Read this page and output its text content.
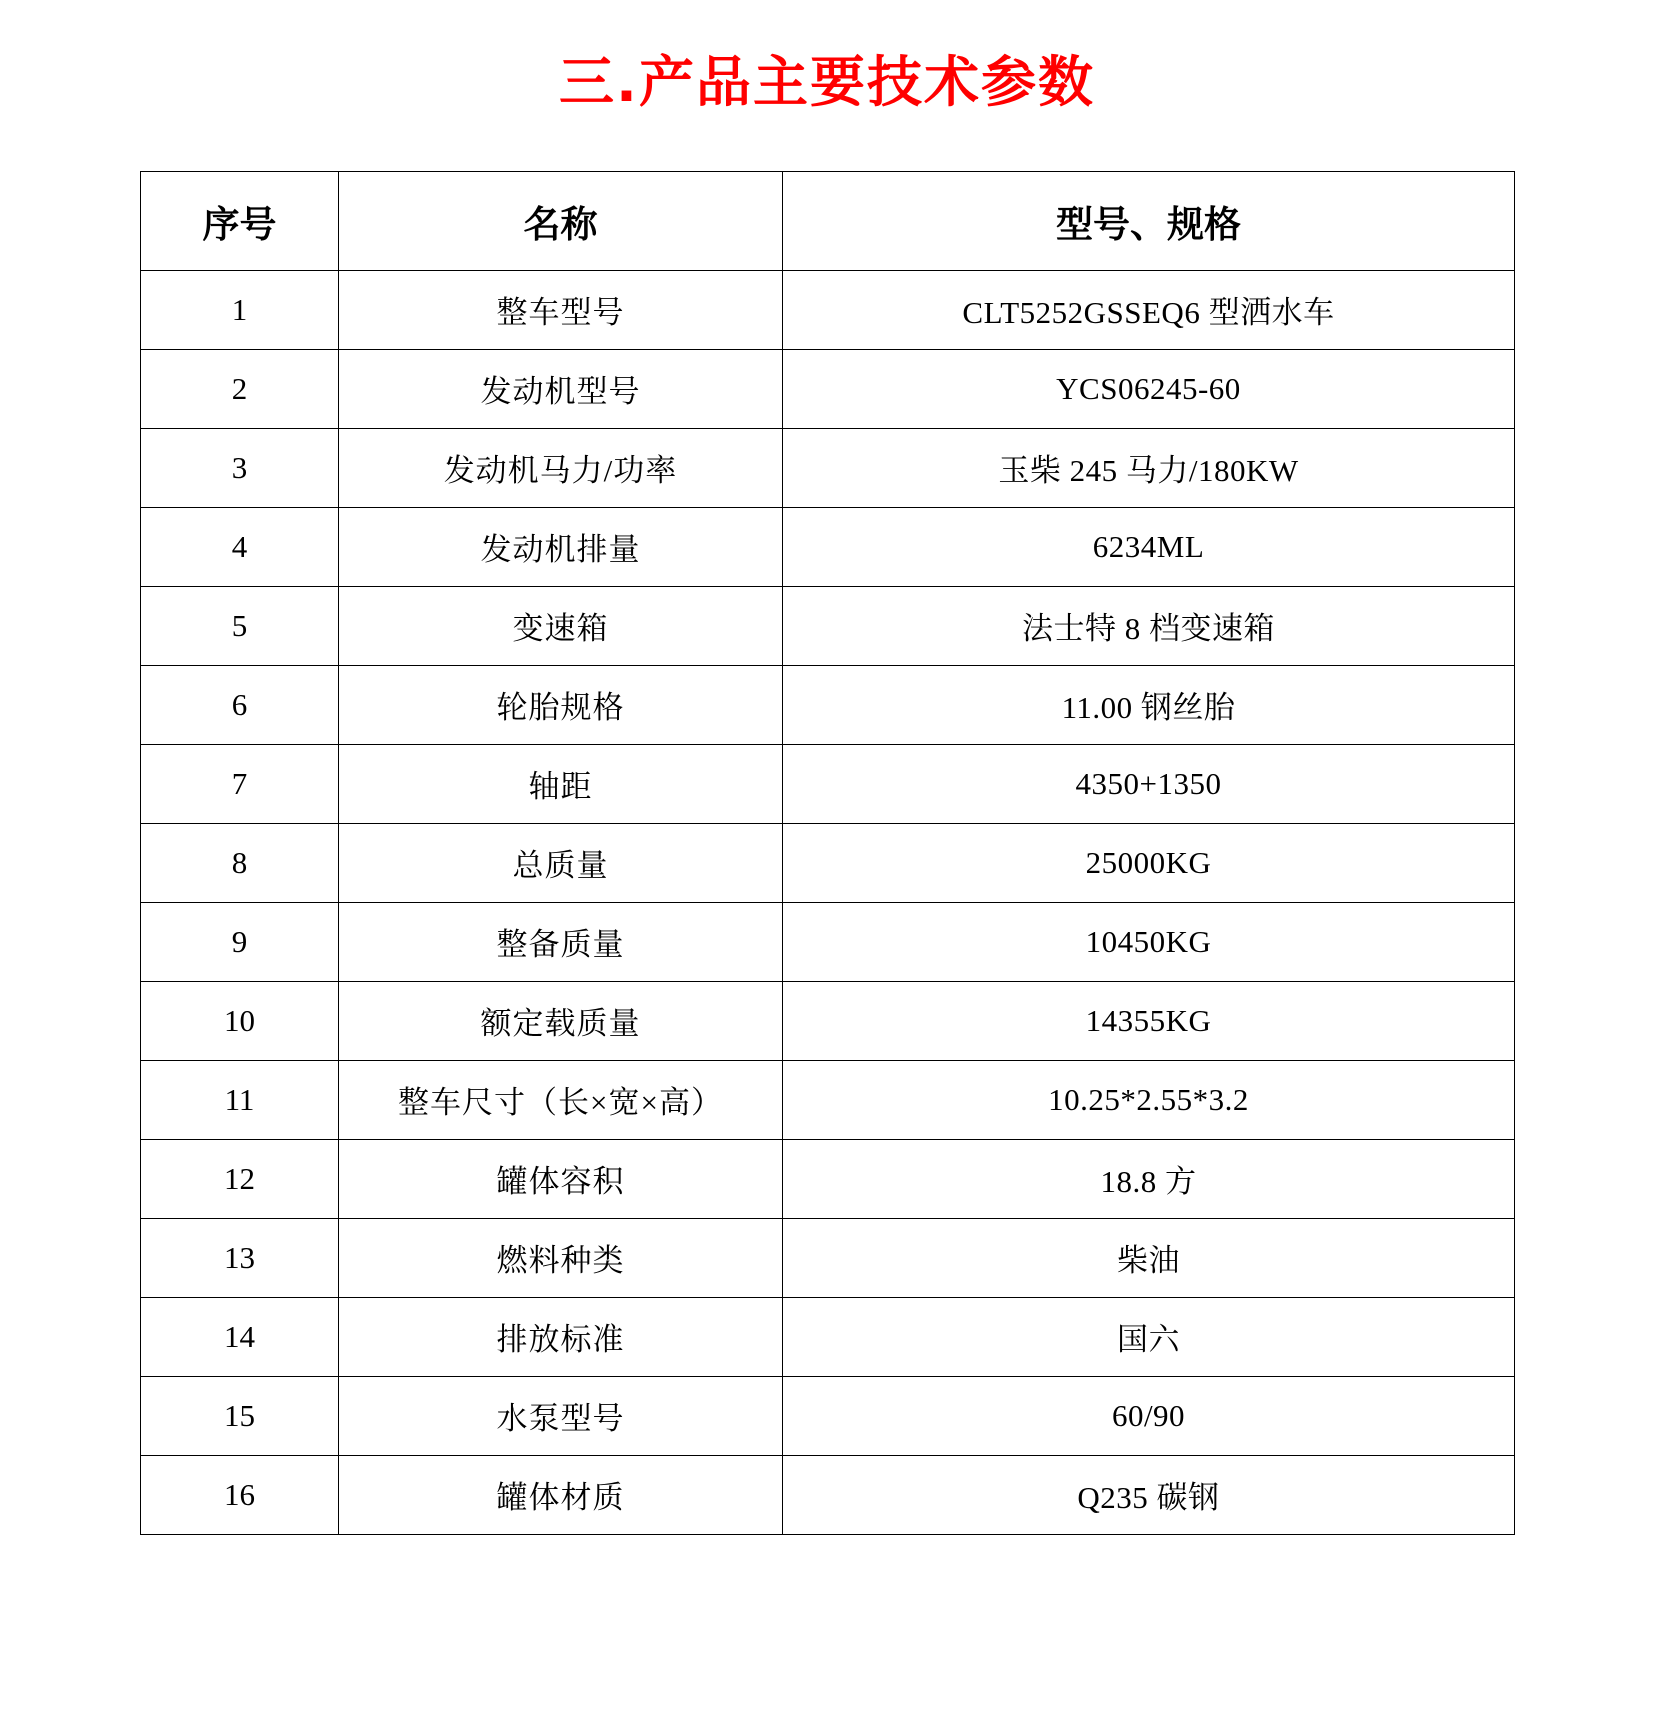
三.产品主要技术参数
序号	名称	型号、规格
1	整车型号	CLT5252GSSEQ6 型洒水车
2	发动机型号	YCS06245-60
3	发动机马力/功率	玉柴 245 马力/180KW
4	发动机排量	6234ML
5	变速箱	法士特 8 档变速箱
6	轮胎规格	11.00 钢丝胎
7	轴距	4350+1350
8	总质量	25000KG
9	整备质量	10450KG
10	额定载质量	14355KG
11	整车尺寸（长×宽×高）	10.25*2.55*3.2
12	罐体容积	18.8 方
13	燃料种类	柴油
14	排放标准	国六
15	水泵型号	60/90
16	罐体材质	Q235 碳钢
